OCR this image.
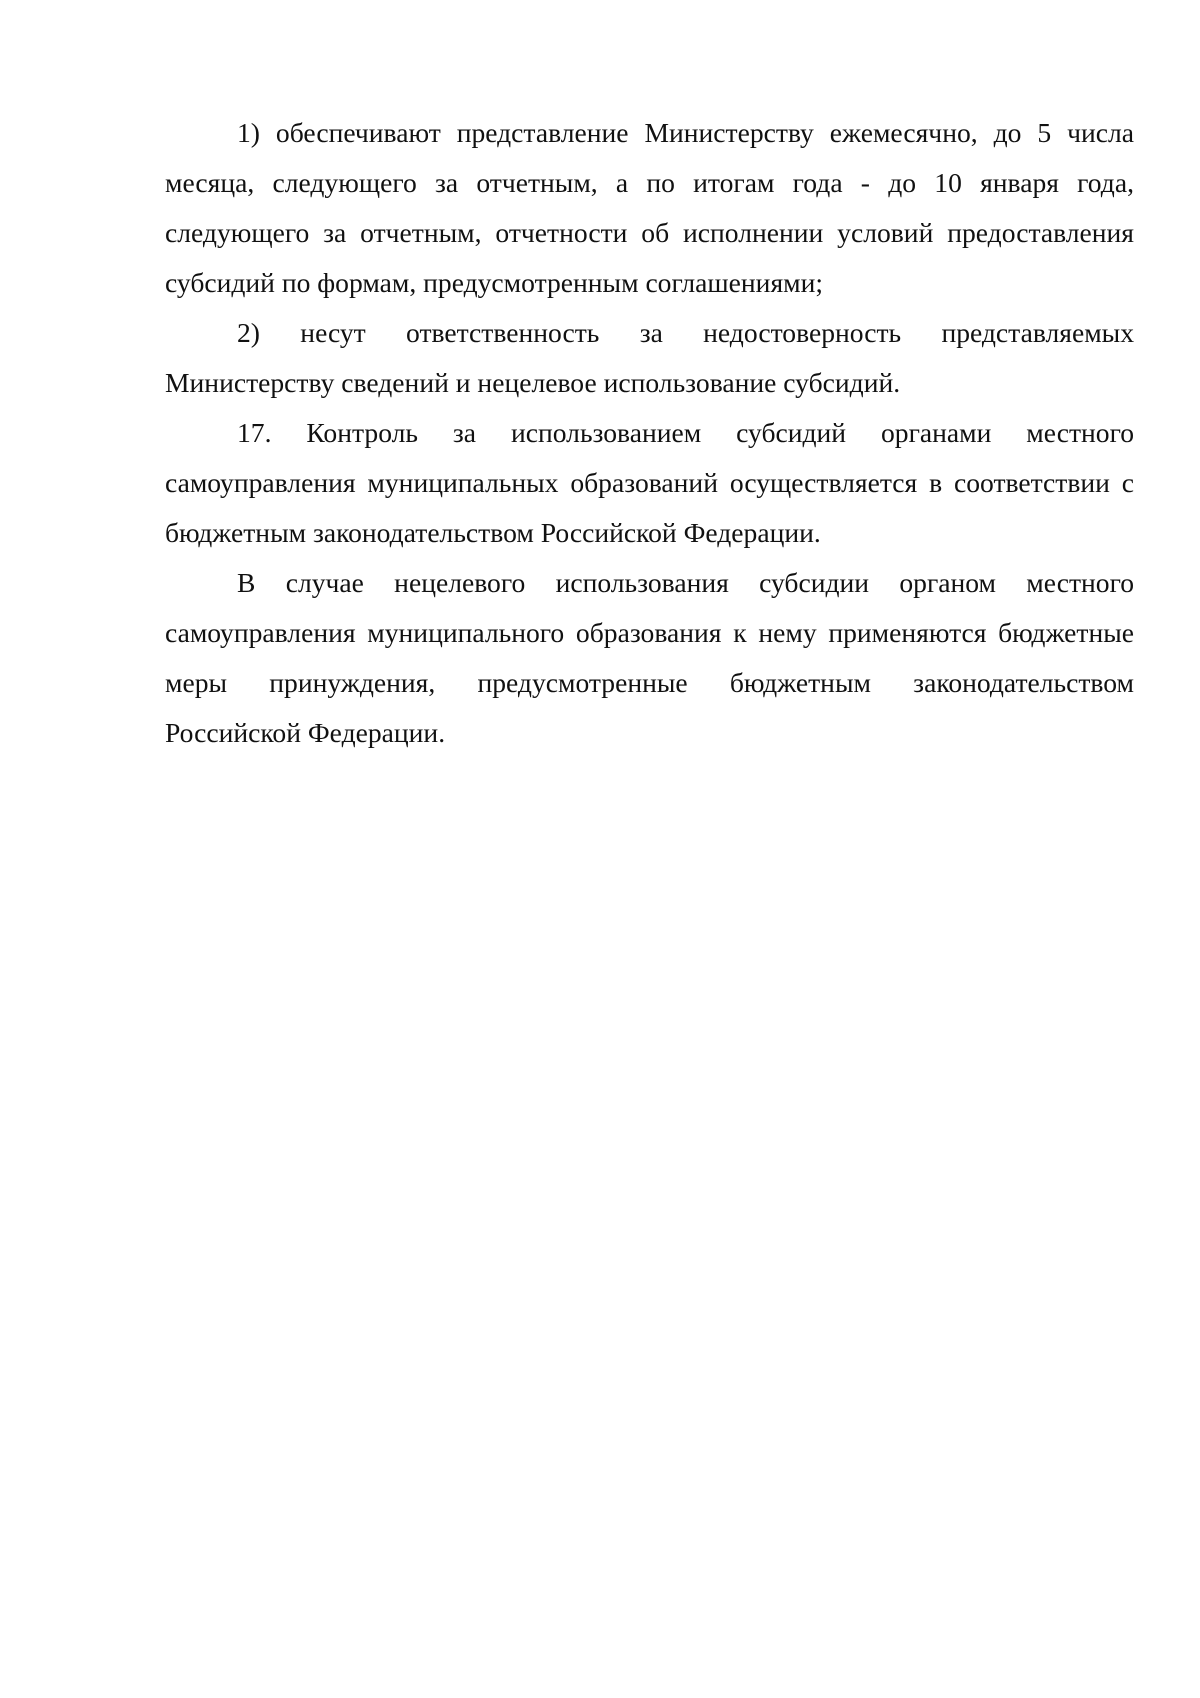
1) обеспечивают представление Министерству ежемесячно, до 5 числа месяца, следующего за отчетным, а по итогам года - до 10 января года, следующего за отчетным, отчетности об исполнении условий предоставления субсидий по формам, предусмотренным соглашениями;

2) несут ответственность за недостоверность представляемых Министерству сведений и нецелевое использование субсидий.

17. Контроль за использованием субсидий органами местного самоуправления муниципальных образований осуществляется в соответствии с бюджетным законодательством Российской Федерации.

В случае нецелевого использования субсидии органом местного самоуправления муниципального образования к нему применяются бюджетные меры принуждения, предусмотренные бюджетным законодательством Российской Федерации.
